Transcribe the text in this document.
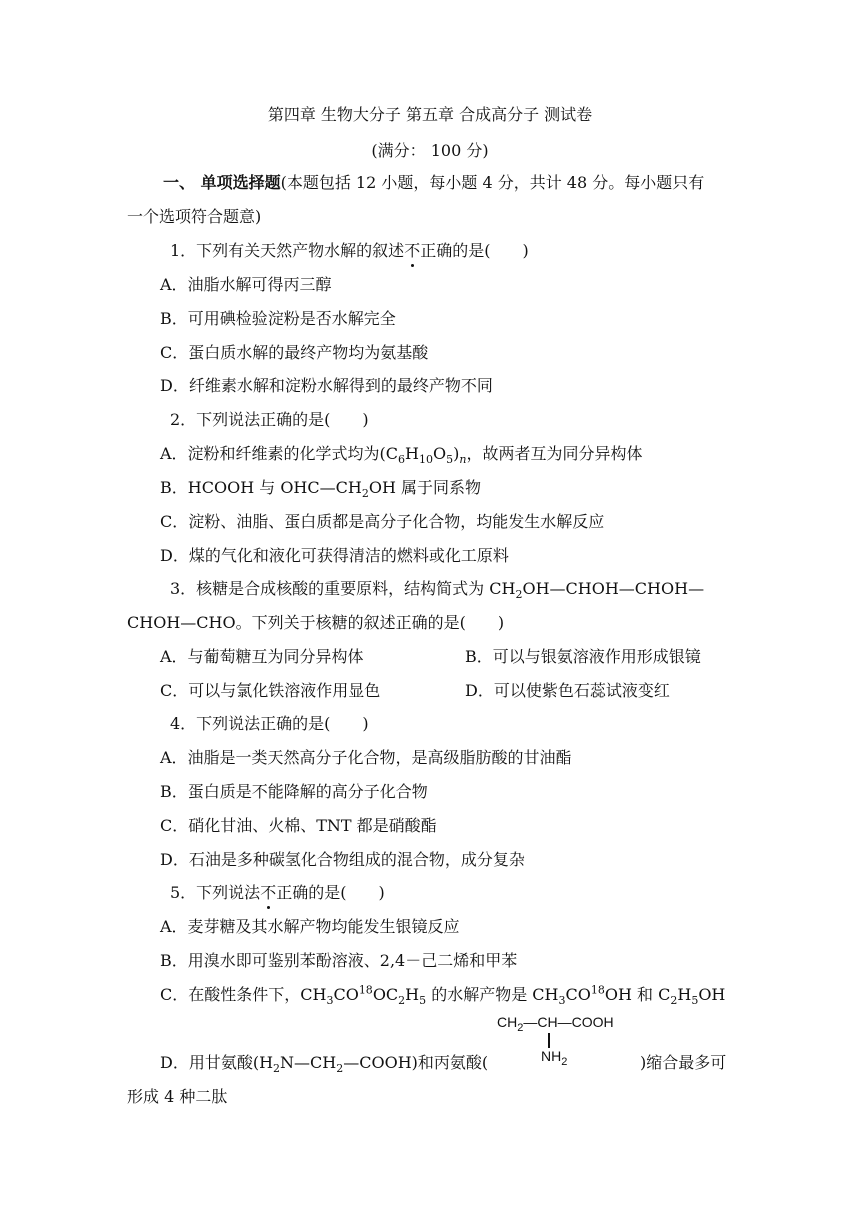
第四章 生物大分子 第五章 合成高分子 测试卷
(满分： 100 分)
一、 单项选择题(本题包括 12 小题，每小题 4 分，共计 48 分。每小题只有
一个选项符合题意)
1．下列有关天然产物水解的叙述不正确的是(　　)
A．油脂水解可得丙三醇
B．可用碘检验淀粉是否水解完全
C．蛋白质水解的最终产物均为氨基酸
D．纤维素水解和淀粉水解得到的最终产物不同
2．下列说法正确的是(　　)
A．淀粉和纤维素的化学式均为$(C_6H_{10}O_5)_n$，故两者互为同分异构体
B．HCOOH 与 $OHC—CH_2OH$ 属于同系物
C．淀粉、油脂、蛋白质都是高分子化合物，均能发生水解反应
D．煤的气化和液化可获得清洁的燃料或化工原料
3．核糖是合成核酸的重要原料，结构简式为 $CH_2OH—CHOH—CHOH—$
CHOH—CHO。下列关于核糖的叙述正确的是(　　)
A．与葡萄糖互为同分异构体	B．可以与银氨溶液作用形成银镜
C．可以与氯化铁溶液作用显色	D．可以使紫色石蕊试液变红
4．下列说法正确的是(　　)
A．油脂是一类天然高分子化合物，是高级脂肪酸的甘油酯
B．蛋白质是不能降解的高分子化合物
C．硝化甘油、火棉、TNT 都是硝酸酯
D．石油是多种碳氢化合物组成的混合物，成分复杂
5．下列说法不正确的是(　　)
A．麦芽糖及其水解产物均能发生银镜反应
B．用溴水即可鉴别苯酚溶液、2,4－己二烯和甲苯
C．在酸性条件下，$CH_3CO^{18}OC_2H_5$ 的水解产物是 $CH_3CO^{18}OH$ 和 $C_2H_5OH$
$CH_2—CH—COOH$
$NH_2$
D．用甘氨酸$(H_2N—CH_2—COOH)$和丙氨酸(	)缩合最多可
形成 4 种二肽
